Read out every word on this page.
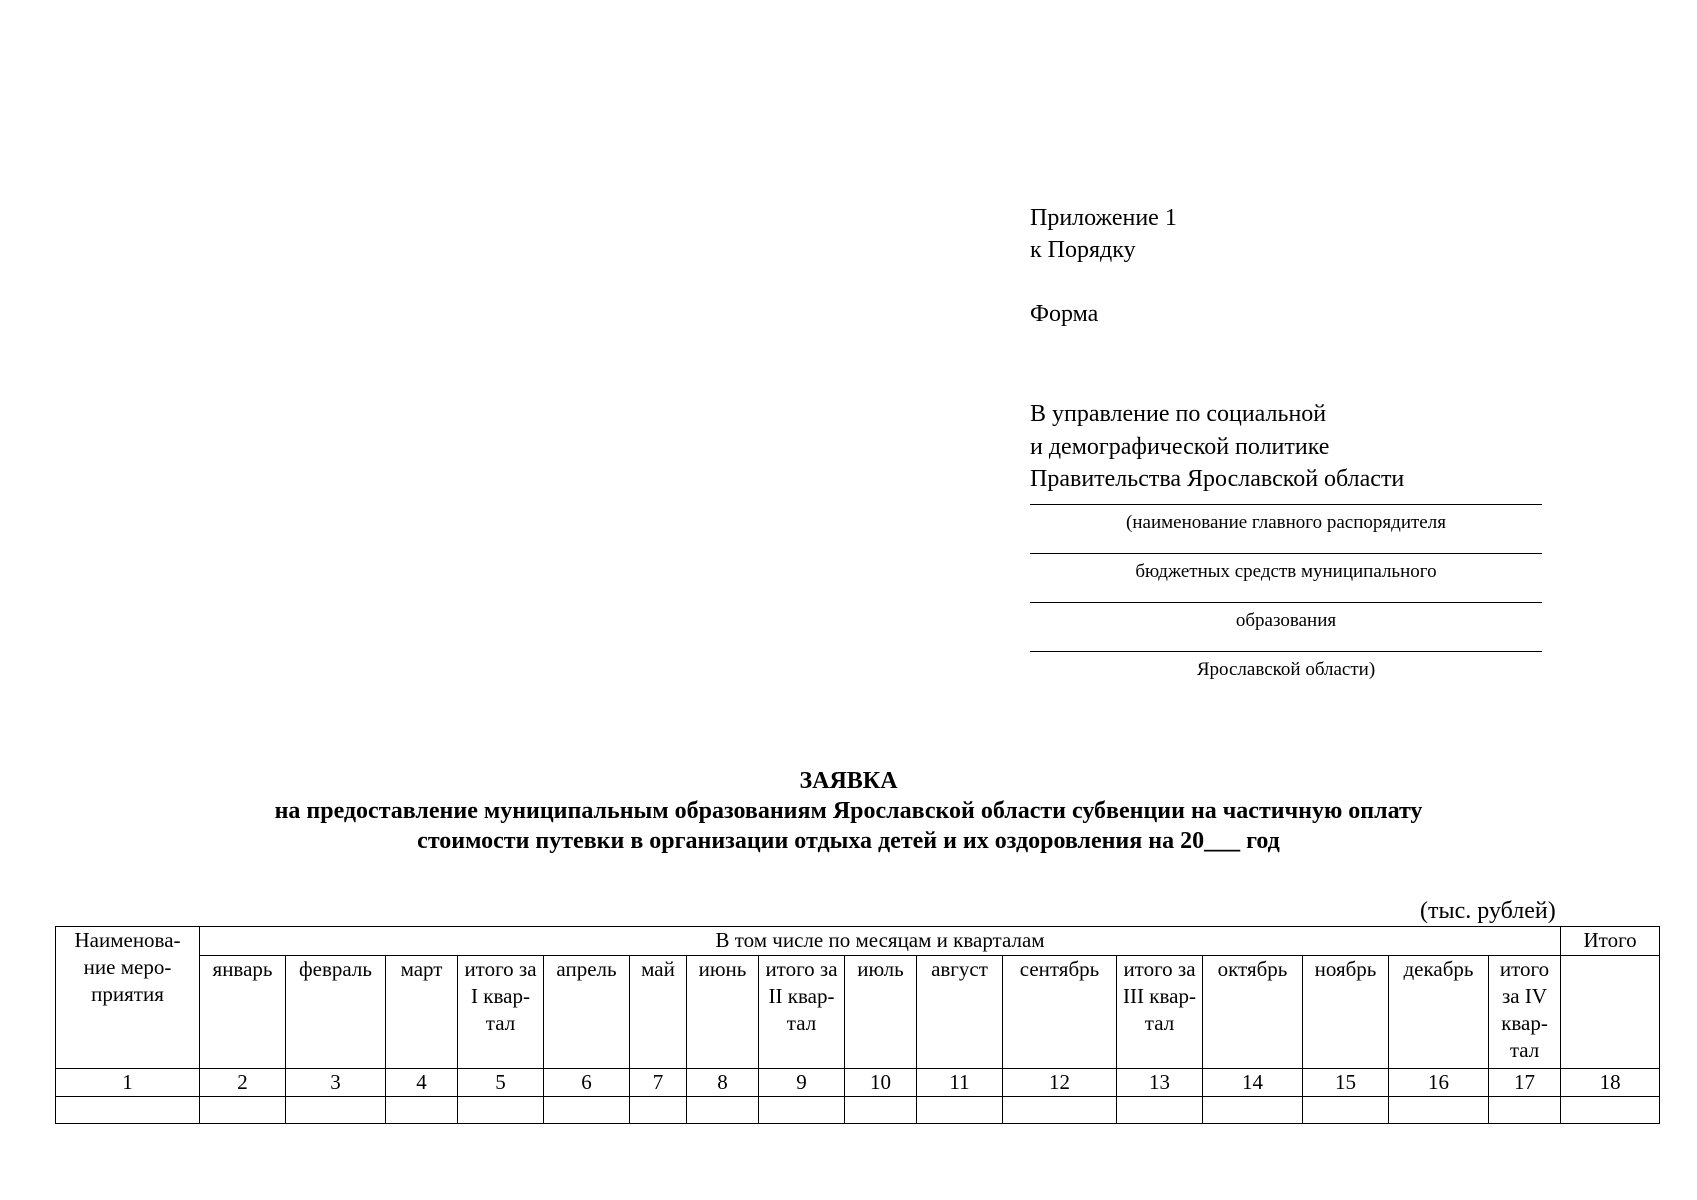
Приложение 1
к Порядку
Форма
В управление по социальной
и демографической политике
Правительства Ярославской области
(наименование главного распорядителя
бюджетных средств муниципального
образования
Ярославской области)
ЗАЯВКА
на предоставление муниципальным образованиям Ярославской области субвенции на частичную оплату
стоимости путевки в организации отдыха детей и их оздоровления на 20___ год
(тыс. рублей)
Наименова- ние меро- приятия	В том числе по месяцам и кварталам																Итого
	январь	февраль	март	итого за I квар- тал	апрель	май	июнь	итого за II квар- тал	июль	август	сентябрь	итого за III квар- тал	октябрь	ноябрь	декабрь	итого за IV квар- тал	
1	2	3	4	5	6	7	8	9	10	11	12	13	14	15	16	17	18
